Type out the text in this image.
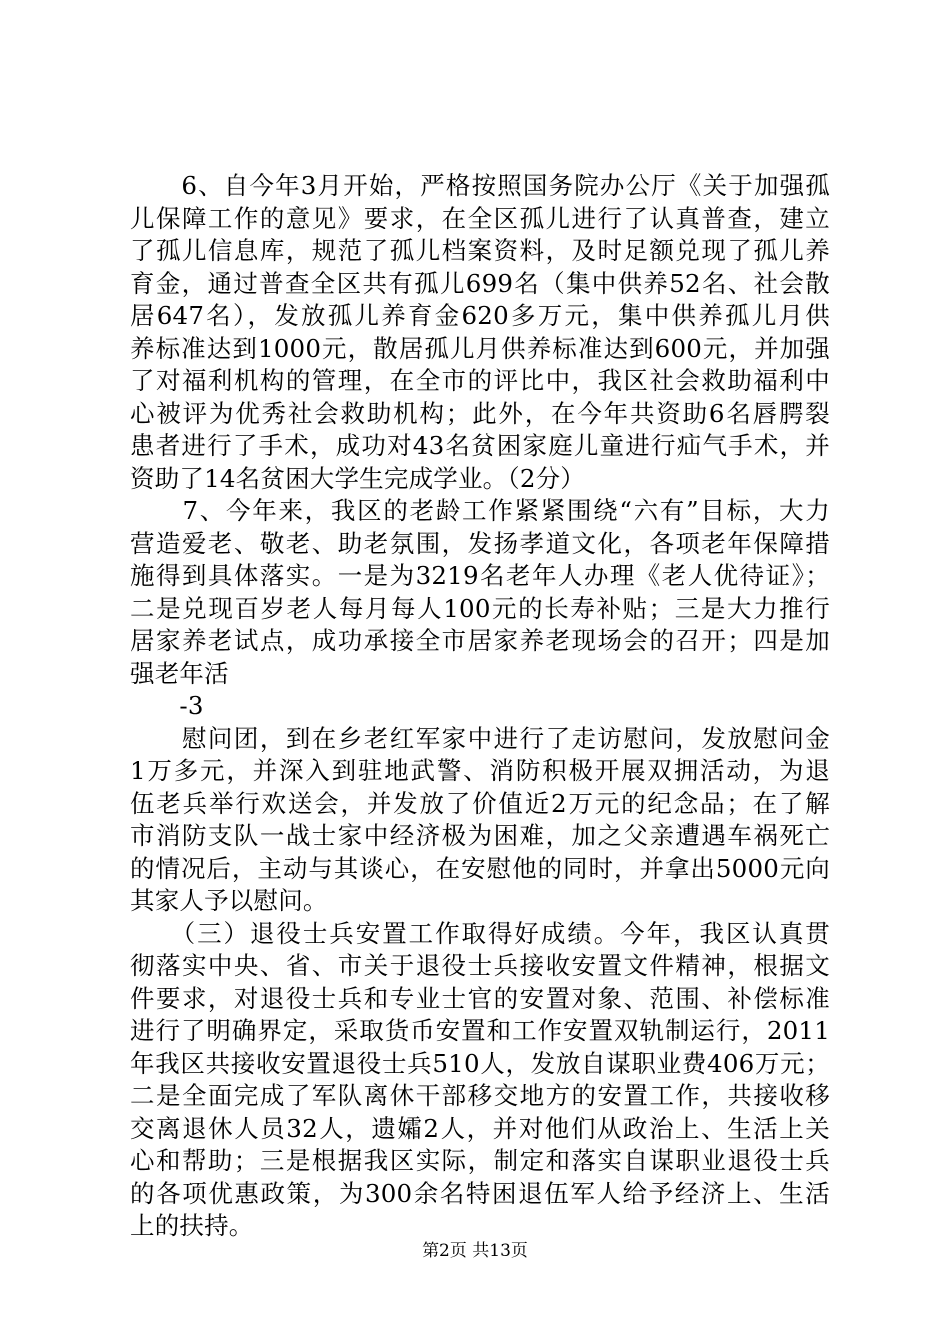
　　6、自今年3月开始，严格按照国务院办公厅《关于加强孤
儿保障工作的意见》要求，在全区孤儿进行了认真普查，建立
了孤儿信息库，规范了孤儿档案资料，及时足额兑现了孤儿养
育金，通过普查全区共有孤儿699名（集中供养52名、社会散
居647名），发放孤儿养育金620多万元，集中供养孤儿月供
养标准达到1000元，散居孤儿月供养标准达到600元，并加强
了对福利机构的管理，在全市的评比中，我区社会救助福利中
心被评为优秀社会救助机构；此外，在今年共资助6名唇腭裂
患者进行了手术，成功对43名贫困家庭儿童进行疝气手术，并
资助了14名贫困大学生完成学业。（2分）
　　7、今年来，我区的老龄工作紧紧围绕“六有”目标，大力
营造爱老、敬老、助老氛围，发扬孝道文化，各项老年保障措
施得到具体落实。一是为3219名老年人办理《老人优待证》；
二是兑现百岁老人每月每人100元的长寿补贴；三是大力推行
居家养老试点，成功承接全市居家养老现场会的召开；四是加
强老年活
　　-3
　　慰问团，到在乡老红军家中进行了走访慰问，发放慰问金
1万多元，并深入到驻地武警、消防积极开展双拥活动，为退
伍老兵举行欢送会，并发放了价值近2万元的纪念品；在了解
市消防支队一战士家中经济极为困难，加之父亲遭遇车祸死亡
的情况后，主动与其谈心，在安慰他的同时，并拿出5000元向
其家人予以慰问。
　　（三）退役士兵安置工作取得好成绩。今年，我区认真贯
彻落实中央、省、市关于退役士兵接收安置文件精神，根据文
件要求，对退役士兵和专业士官的安置对象、范围、补偿标准
进行了明确界定，采取货币安置和工作安置双轨制运行，2011
年我区共接收安置退役士兵510人，发放自谋职业费406万元；
二是全面完成了军队离休干部移交地方的安置工作，共接收移
交离退休人员32人，遗孀2人，并对他们从政治上、生活上关
心和帮助；三是根据我区实际，制定和落实自谋职业退役士兵
的各项优惠政策，为300余名特困退伍军人给予经济上、生活
上的扶持。
第2页 共13页
